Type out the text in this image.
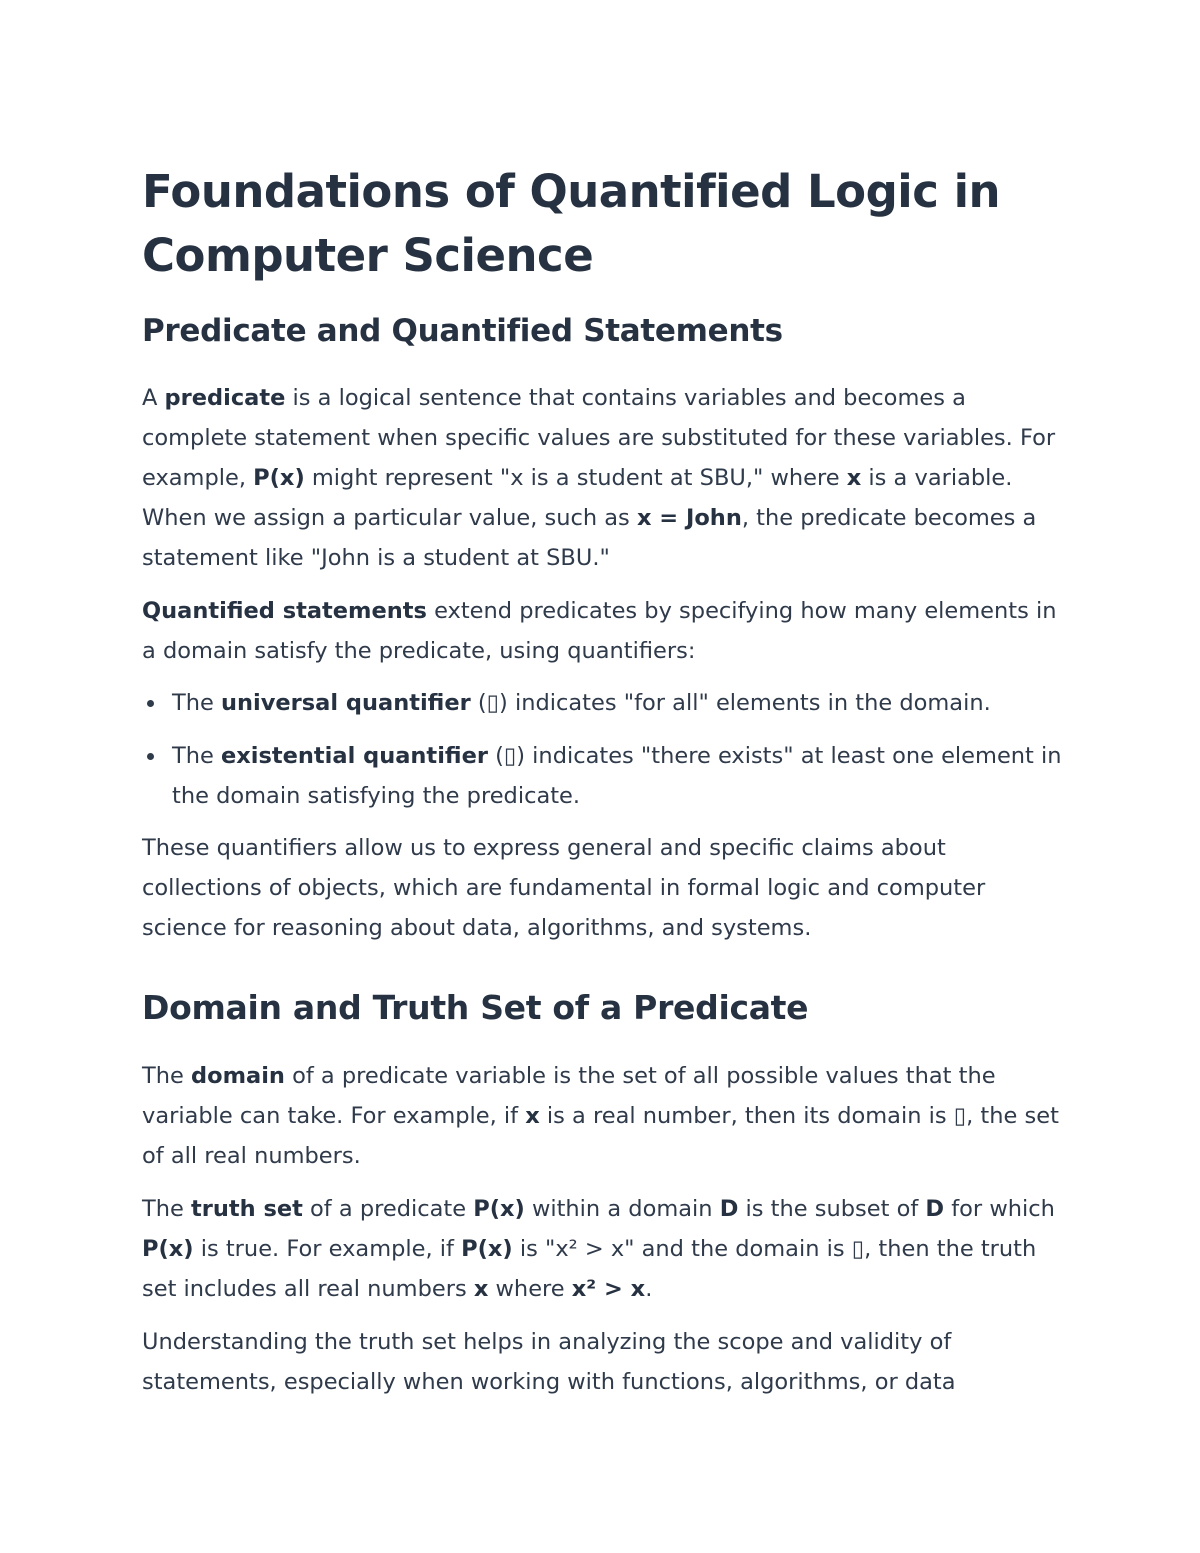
Foundations of Quantified Logic in Computer Science
Predicate and Quantified Statements

A predicate is a logical sentence that contains variables and becomes a complete statement when specific values are substituted for these variables. For example, P(x) might represent "x is a student at SBU," where x is a variable. When we assign a particular value, such as x = John, the predicate becomes a statement like "John is a student at SBU."

Quantified statements extend predicates by specifying how many elements in a domain satisfy the predicate, using quantifiers:

The universal quantifier (▯) indicates "for all" elements in the domain.
The existential quantifier (▯) indicates "there exists" at least one element in the domain satisfying the predicate.

These quantifiers allow us to express general and specific claims about collections of objects, which are fundamental in formal logic and computer science for reasoning about data, algorithms, and systems.

Domain and Truth Set of a Predicate

The domain of a predicate variable is the set of all possible values that the variable can take. For example, if x is a real number, then its domain is ▯, the set of all real numbers.

The truth set of a predicate P(x) within a domain D is the subset of D for which P(x) is true. For example, if P(x) is "x² > x" and the domain is ▯, then the truth set includes all real numbers x where x² > x.

Understanding the truth set helps in analyzing the scope and validity of statements, especially when working with functions, algorithms, or data
